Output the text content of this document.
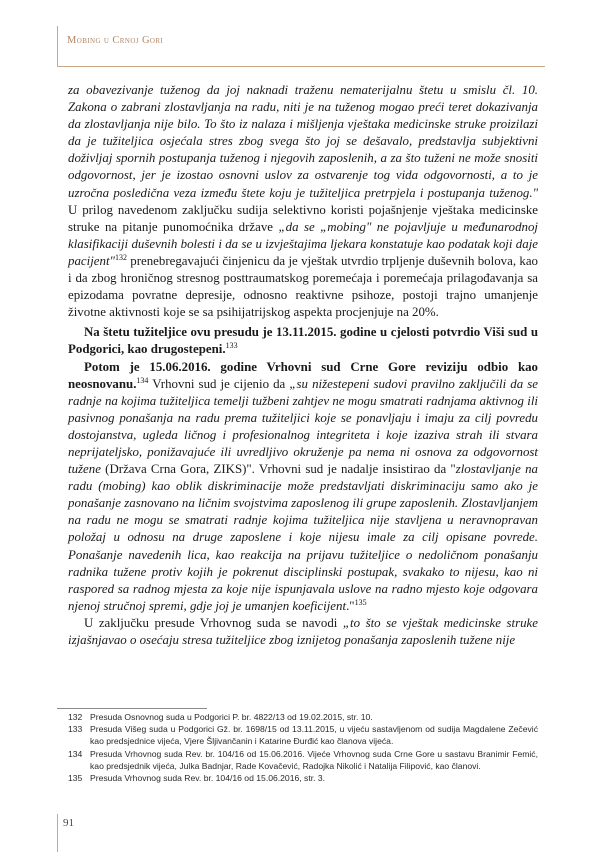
Mobing u Crnoj Gori

za obavezivanje tuženog da joj naknadi traženu nematerijalnu štetu u smislu čl. 10. Zakona o zabrani zlostavljanja na radu, niti je na tuženog mogao preći teret dokazivanja da zlostavljanja nije bilo. To što iz nalaza i mišljenja vještaka medicinske struke proizilazi da je tužiteljica osjećala stres zbog svega što joj se dešavalo, predstavlja subjektivni doživljaj spornih postupanja tuženog i njegovih zaposlenih, a za što tuženi ne može snositi odgovornost, jer je izostao osnovni uslov za ostvarenje tog vida odgovornosti, a to je uzročna posledična veza između štete koju je tužiteljica pretrpjela i postupanja tuženog." U prilog navedenom zaključku sudija selektivno koristi pojašnjenje vještaka medicinske struke na pitanje punomoćnika države „da se „mobing" ne pojavljuje u međunarodnoj klasifikaciji duševnih bolesti i da se u izvještajima ljekara konstatuje kao podatak koji daje pacijent"$^{132}$ prenebregavajući činjenicu da je vještak utvrdio trpljenje duševnih bolova, kao i da zbog hroničnog stresnog posttraumatskog poremećaja i poremećaja prilagođavanja sa epizodama povratne depresije, odnosno reaktivne psihoze, postoji trajno umanjenje životne aktivnosti koje se sa psihijatrijskog aspekta procjenjuje na 20%.

Na štetu tužiteljice ovu presudu je 13.11.2015. godine u cjelosti potvrdio Viši sud u Podgorici, kao drugostepeni.$^{133}$

Potom je 15.06.2016. godine Vrhovni sud Crne Gore reviziju odbio kao neosnovanu.$^{134}$ Vrhovni sud je cijenio da „su nižestepeni sudovi pravilno zaključili da se radnje na kojima tužiteljica temelji tužbeni zahtjev ne mogu smatrati radnjama aktivnog ili pasivnog ponašanja na radu prema tužiteljici koje se ponavljaju i imaju za cilj povredu dostojanstva, ugleda ličnog i profesionalnog integriteta i koje izaziva strah ili stvara neprijateljsko, ponižavajuće ili uvredljivo okruženje pa nema ni osnova za odgovornost tužene (Država Crna Gora, ZIKS)". Vrhovni sud je nadalje insistirao da "zlostavljanje na radu (mobing) kao oblik diskriminacije može predstavljati diskriminaciju samo ako je ponašanje zasnovano na ličnim svojstvima zaposlenog ili grupe zaposlenih. Zlostavljanjem na radu ne mogu se smatrati radnje kojima tužiteljica nije stavljena u neravnopravan položaj u odnosu na druge zaposlene i koje nijesu imale za cilj opisane povrede. Ponašanje navedenih lica, kao reakcija na prijavu tužiteljice o nedoličnom ponašanju radnika tužene protiv kojih je pokrenut disciplinski postupak, svakako to nijesu, kao ni raspored sa radnog mjesta za koje nije ispunjavala uslove na radno mjesto koje odgovara njenoj stručnoj spremi, gdje joj je umanjen koeficijent."$^{135}$

U zaključku presude Vrhovnog suda se navodi „to što se vještak medicinske struke izjašnjavao o osećaju stresa tužiteljice zbog iznijetog ponašanja zaposlenih tužene nije

132 Presuda Osnovnog suda u Podgorici P. br. 4822/13 od 19.02.2015, str. 10.
133 Presuda Višeg suda u Podgorici Gž. br. 1698/15 od 13.11.2015, u vijeću sastavljenom od sudija Magdalene Zečević kao predsjednice vijeća, Vjere Šljivančanin i Katarine Đurđić kao članova vijeća.
134 Presuda Vrhovnog suda Rev. br. 104/16 od 15.06.2016. Vijeće Vrhovnog suda Crne Gore u sastavu Branimir Femić, kao predsjednik vijeća, Julka Badnjar, Rade Kovačević, Radojka Nikolić i Natalija Filipović, kao članovi.
135 Presuda Vrhovnog suda Rev. br. 104/16 od 15.06.2016, str. 3.
91
